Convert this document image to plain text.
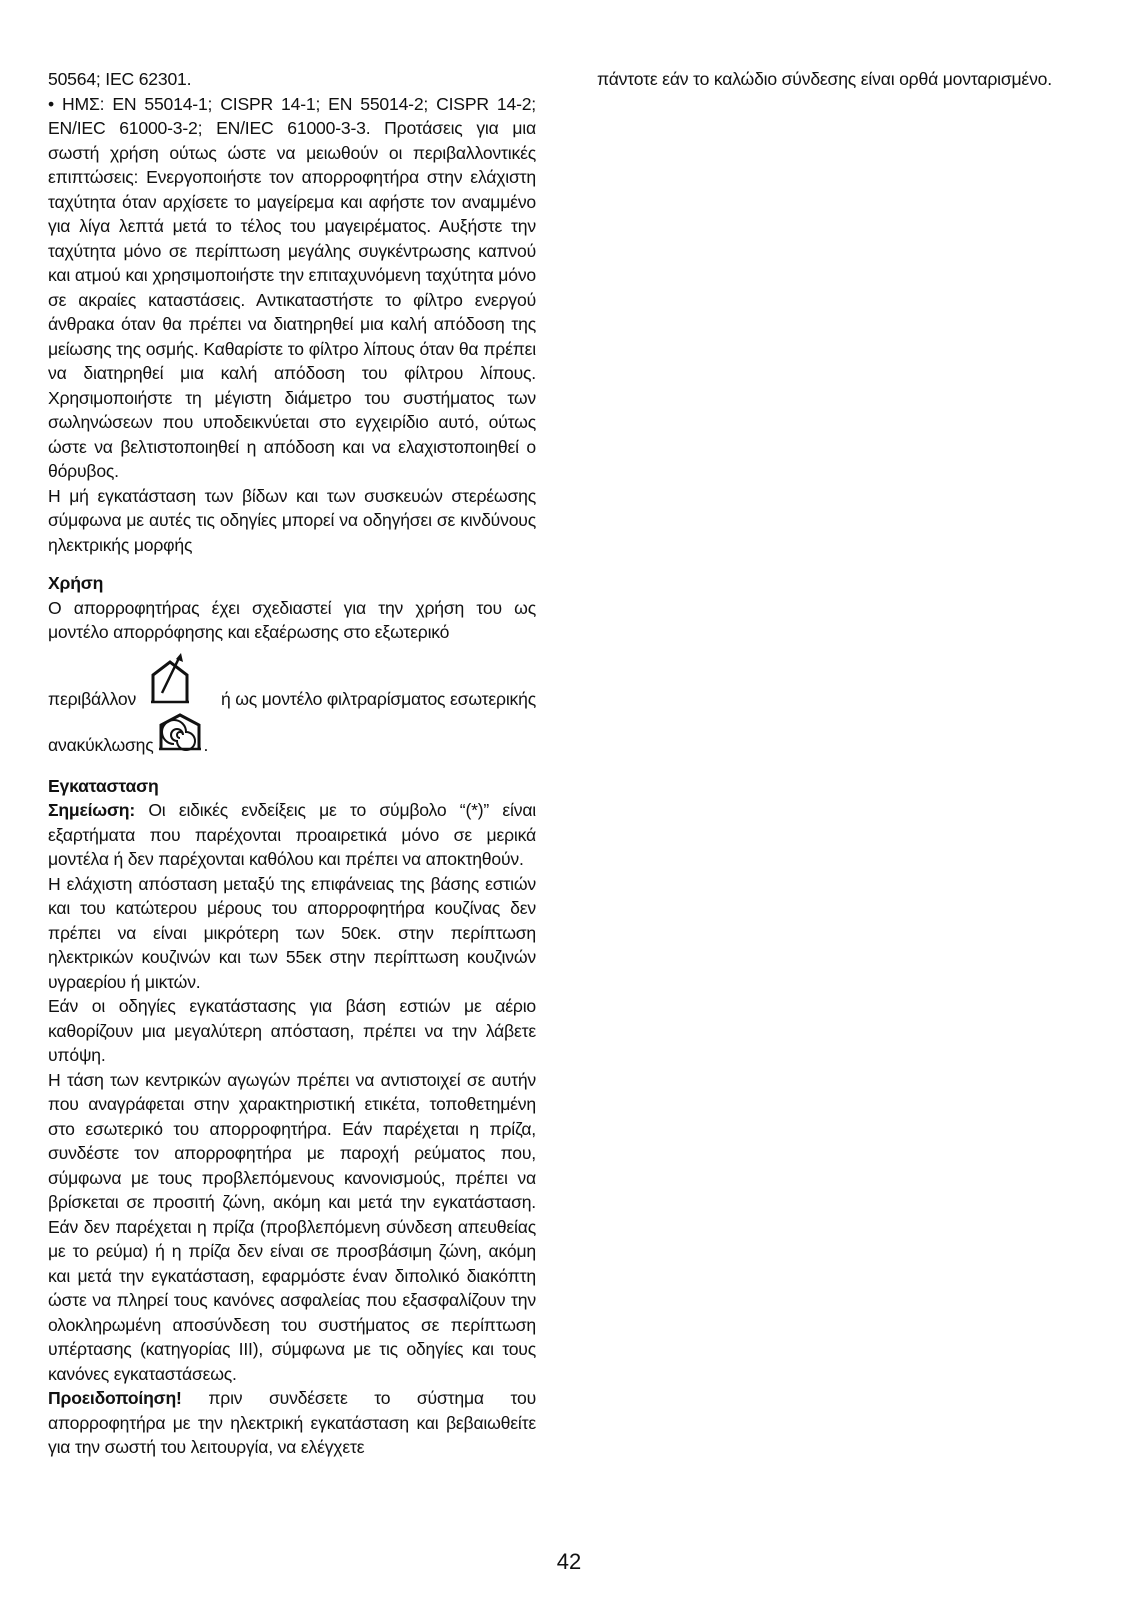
50564; IEC 62301.

• ΗΜΣ: EN 55014-1; CISPR 14-1; EN 55014-2; CISPR 14-2; EN/IEC 61000-3-2; EN/IEC 61000-3-3. Προτάσεις για μια σωστή χρήση ούτως ώστε να μειωθούν οι περιβαλλοντικές επιπτώσεις: Ενεργοποιήστε τον απορροφητήρα στην ελάχιστη ταχύτητα όταν αρχίσετε το μαγείρεμα και αφήστε τον αναμμένο για λίγα λεπτά μετά το τέλος του μαγειρέματος. Αυξήστε την ταχύτητα μόνο σε περίπτωση μεγάλης συγκέντρωσης καπνού και ατμού και χρησιμοποιήστε την επιταχυνόμενη ταχύτητα μόνο σε ακραίες καταστάσεις. Αντικαταστήστε το φίλτρο ενεργού άνθρακα όταν θα πρέπει να διατηρηθεί μια καλή απόδοση της μείωσης της οσμής. Καθαρίστε το φίλτρο λίπους όταν θα πρέπει να διατηρηθεί μια καλή απόδοση του φίλτρου λίπους. Χρησιμοποιήστε τη μέγιστη διάμετρο του συστήματος των σωληνώσεων που υποδεικνύεται στο εγχειρίδιο αυτό, ούτως ώστε να βελτιστοποιηθεί η απόδοση και να ελαχιστοποιηθεί ο θόρυβος.

Η μή εγκατάσταση των βίδων και των συσκευών στερέωσης σύμφωνα με αυτές τις οδηγίες μπορεί να οδηγήσει σε κινδύνους ηλεκτρικής μορφής

Χρήση

Ο απορροφητήρας έχει σχεδιαστεί για την χρήση του ως μοντέλο απορρόφησης και εξαέρωσης στο εξωτερικό

περιβάλλον	ή ως μοντέλο φιλτραρίσματος εσωτερικής
ανακύκλωσης	.

Εγκατασταση

Σημείωση: Οι ειδικές ενδείξεις με το σύμβολο “(*)” είναι εξαρτήματα που παρέχονται προαιρετικά μόνο σε μερικά μοντέλα ή δεν παρέχονται καθόλου και πρέπει να αποκτηθούν.

Η ελάχιστη απόσταση μεταξύ της επιφάνειας της βάσης εστιών και του κατώτερου μέρους του απορροφητήρα κουζίνας δεν πρέπει να είναι μικρότερη των 50εκ. στην περίπτωση ηλεκτρικών κουζινών και των 55εκ στην περίπτωση κουζινών υγραερίου ή μικτών.

Εάν οι οδηγίες εγκατάστασης για βάση εστιών με αέριο καθορίζουν μια μεγαλύτερη απόσταση, πρέπει να την λάβετε υπόψη.

Η τάση των κεντρικών αγωγών πρέπει να αντιστοιχεί σε αυτήν που αναγράφεται στην χαρακτηριστική ετικέτα, τοποθετημένη στο εσωτερικό του απορροφητήρα. Εάν παρέχεται η πρίζα, συνδέστε τον απορροφητήρα με παροχή ρεύματος που, σύμφωνα με τους προβλεπόμενους κανονισμούς, πρέπει να βρίσκεται σε προσιτή ζώνη, ακόμη και μετά την εγκατάσταση. Εάν δεν παρέχεται η πρίζα (προβλεπόμενη σύνδεση απευθείας με το ρεύμα) ή η πρίζα δεν είναι σε προσβάσιμη ζώνη, ακόμη και μετά την εγκατάσταση, εφαρμόστε έναν διπολικό διακόπτη ώστε να πληρεί τους κανόνες ασφαλείας που εξασφαλίζουν την ολοκληρωμένη αποσύνδεση του συστήματος σε περίπτωση υπέρτασης (κατηγορίας III), σύμφωνα με τις οδηγίες και τους κανόνες εγκαταστάσεως.

Προειδοποίηση! πριν συνδέσετε το σύστημα του απορροφητήρα με την ηλεκτρική εγκατάσταση και βεβαιωθείτε για την σωστή του λειτουργία, να ελέγχετε

πάντοτε εάν το καλώδιο σύνδεσης είναι ορθά μονταρισμένο.

42
